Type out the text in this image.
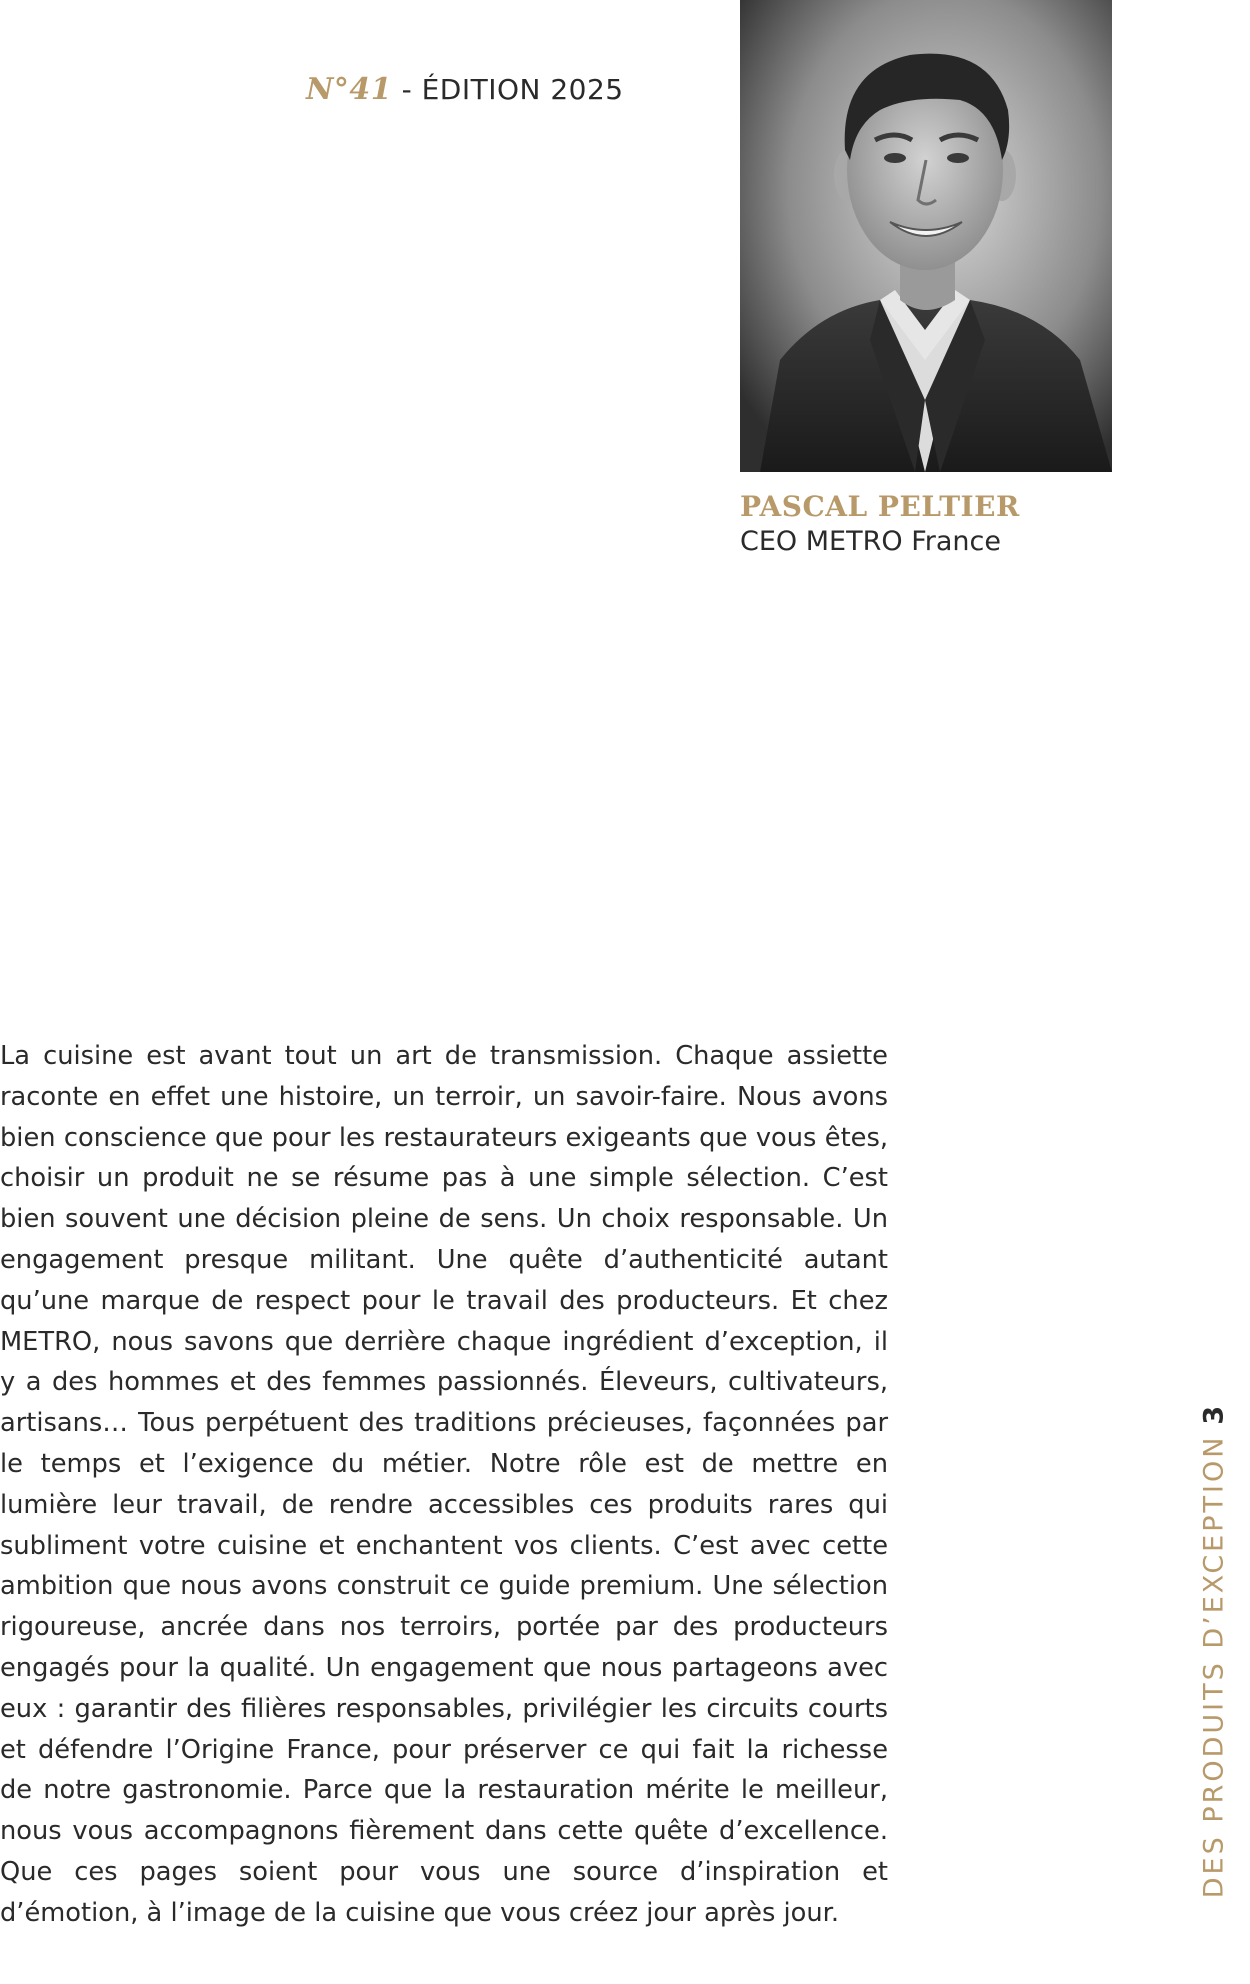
N°41 - ÉDITION 2025
PASCAL PELTIER
CEO METRO France
La cuisine est avant tout un art de transmission. Chaque assiette raconte en effet une histoire, un terroir, un savoir-faire. Nous avons bien conscience que pour les restaurateurs exigeants que vous êtes, choisir un produit ne se résume pas à une simple sélection. C’est bien souvent une décision pleine de sens. Un choix responsable. Un engagement presque militant. Une quête d’authenticité autant qu’une marque de respect pour le travail des producteurs. Et chez METRO, nous savons que derrière chaque ingrédient d’exception, il y a des hommes et des femmes passionnés. Éleveurs, cultivateurs, artisans… Tous perpétuent des traditions précieuses, façonnées par le temps et l’exigence du métier. Notre rôle est de mettre en lumière leur travail, de rendre accessibles ces produits rares qui subliment votre cuisine et enchantent vos clients. C’est avec cette ambition que nous avons construit ce guide premium. Une sélection rigoureuse, ancrée dans nos terroirs, portée par des producteurs engagés pour la qualité. Un engagement que nous partageons avec eux : garantir des filières responsables, privilégier les circuits courts et défendre l’Origine France, pour préserver ce qui fait la richesse de notre gastronomie. Parce que la restauration mérite le meilleur, nous vous accompagnons fièrement dans cette quête d’excellence. Que ces pages soient pour vous une source d’inspiration et d’émotion, à l’image de la cuisine que vous créez jour après jour.
DES PRODUITS D’EXCEPTION3
